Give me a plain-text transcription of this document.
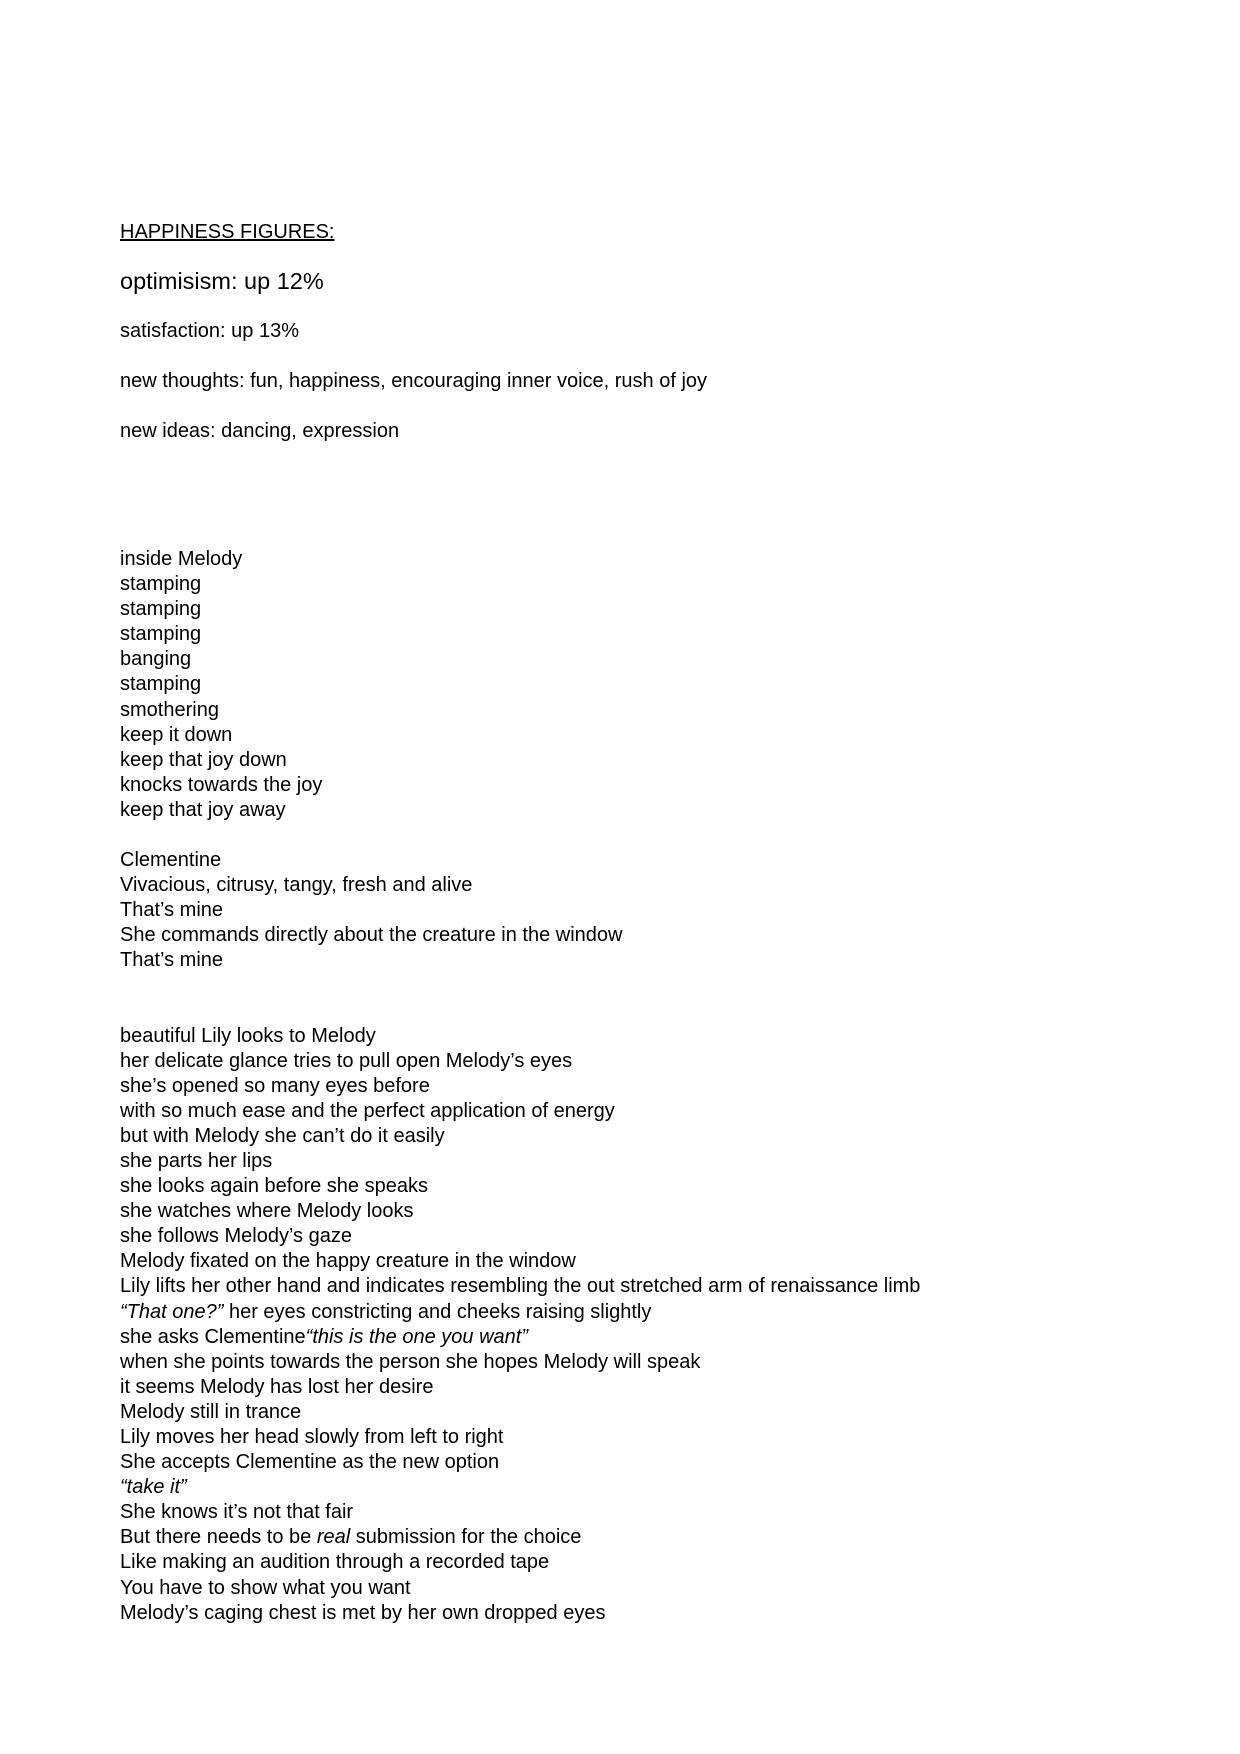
HAPPINESS FIGURES:

optimisism: up 12%

satisfaction: up 13%

new thoughts: fun, happiness, encouraging inner voice, rush of joy

new ideas: dancing, expression

inside Melody
stamping
stamping
stamping
banging
stamping
smothering
keep it down
keep that joy down
knocks towards the joy
keep that joy away
Clementine
Vivacious, citrusy, tangy, fresh and alive
That’s mine
She commands directly about the creature in the window
That’s mine
beautiful Lily looks to Melody
her delicate glance tries to pull open Melody’s eyes
she’s opened so many eyes before
with so much ease and the perfect application of energy
but with Melody she can’t do it easily
she parts her lips
she looks again before she speaks
she watches where Melody looks
she follows Melody’s gaze
Melody fixated on the happy creature in the window
Lily lifts her other hand and indicates resembling the out stretched arm of renaissance limb
“That one?” her eyes constricting and cheeks raising slightly
she asks Clementine“this is the one you want”
when she points towards the person she hopes Melody will speak
it seems Melody has lost her desire
Melody still in trance
Lily moves her head slowly from left to right
She accepts Clementine as the new option
“take it”
She knows it’s not that fair
But there needs to be real submission for the choice
Like making an audition through a recorded tape
You have to show what you want
Melody’s caging chest is met by her own dropped eyes
